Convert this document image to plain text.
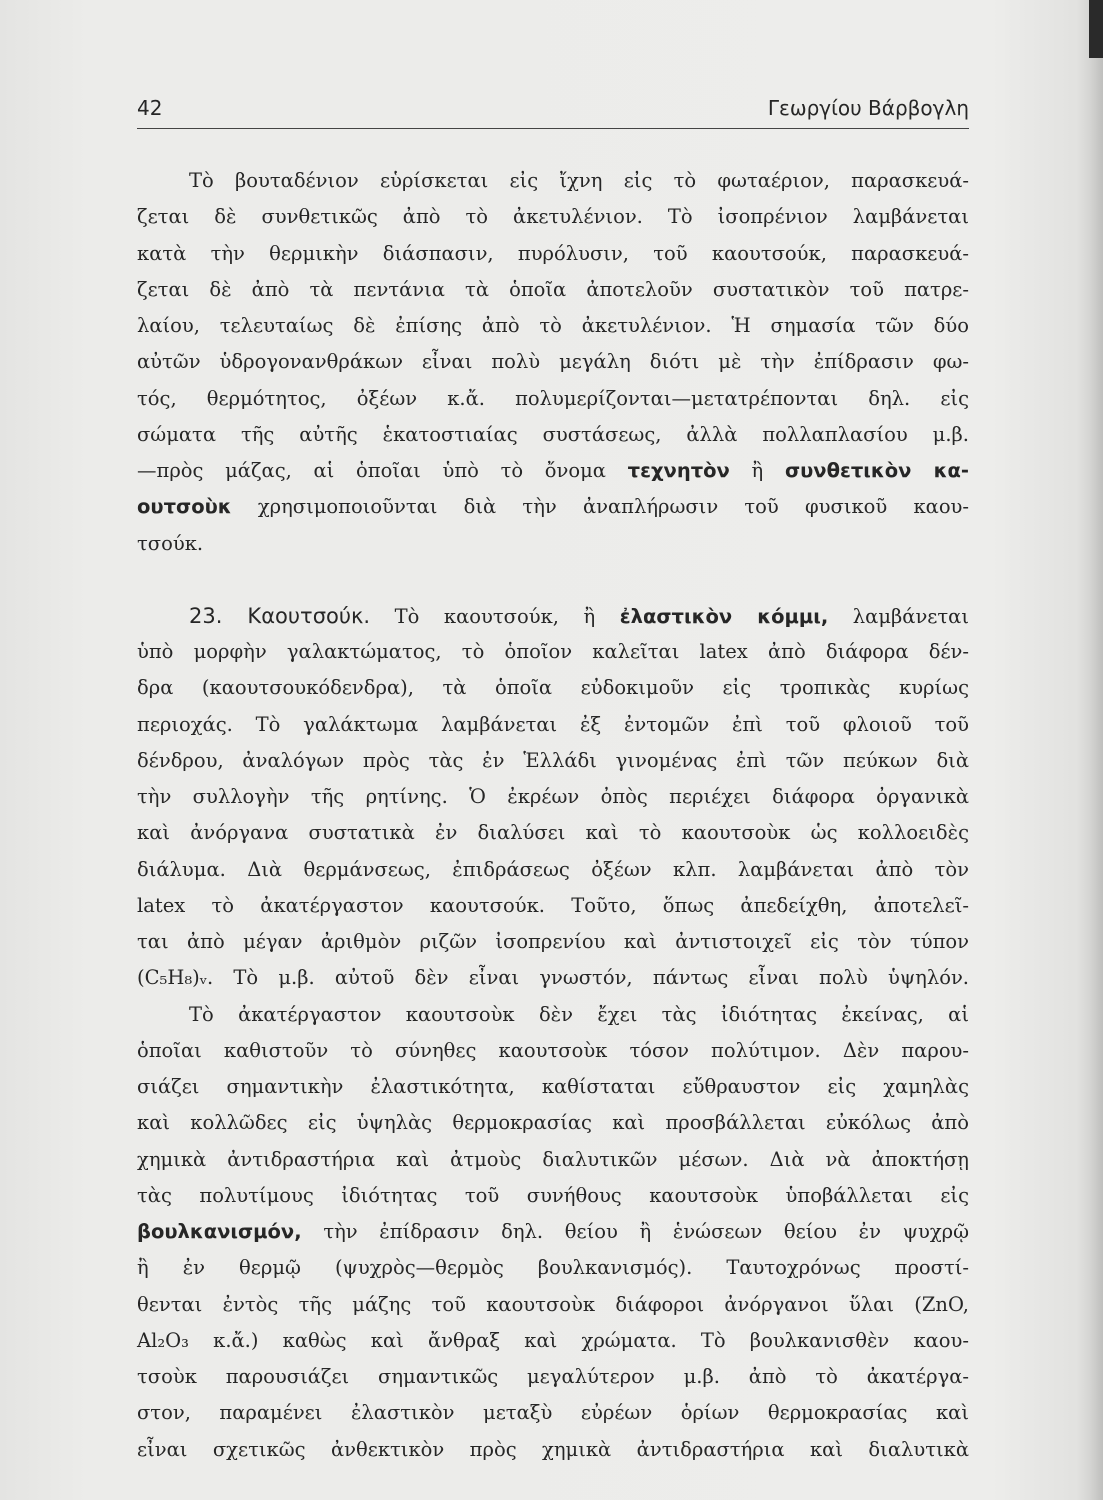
42	Γεωργίου Βάρβογλη
Τὸ βουταδένιον εὑρίσκεται εἰς ἴχνη εἰς τὸ φωταέριον, παρασκευά-
ζεται δὲ συνθετικῶς ἀπὸ τὸ ἀκετυλένιον. Τὸ ἰσοπρένιον λαμβάνεται
κατὰ τὴν θερμικὴν διάσπασιν, πυρόλυσιν, τοῦ καουτσούκ, παρασκευά-
ζεται δὲ ἀπὸ τὰ πεντάνια τὰ ὁποῖα ἀποτελοῦν συστατικὸν τοῦ πατρε-
λαίου, τελευταίως δὲ ἐπίσης ἀπὸ τὸ ἀκετυλένιον. Ἡ σημασία τῶν δύο
αὐτῶν ὑδρογονανθράκων εἶναι πολὺ μεγάλη διότι μὲ τὴν ἐπίδρασιν φω-
τός, θερμότητος, ὀξέων κ.ἄ. πολυμερίζονται—μετατρέπονται δηλ. εἰς
σώματα τῆς αὐτῆς ἑκατοστιαίας συστάσεως, ἀλλὰ πολλαπλασίου μ.β.
—πρὸς μάζας, αἱ ὁποῖαι ὑπὸ τὸ ὄνομα τεχνητὸν ἢ συνθετικὸν κα-
ουτσοὺκ χρησιμοποιοῦνται διὰ τὴν ἀναπλήρωσιν τοῦ φυσικοῦ καου-
τσούκ.
23. Καουτσούκ. Τὸ καουτσούκ, ἢ ἐλαστικὸν κόμμι, λαμβάνεται
ὑπὸ μορφὴν γαλακτώματος, τὸ ὁποῖον καλεῖται latex ἀπὸ διάφορα δέν-
δρα (καουτσουκόδενδρα), τὰ ὁποῖα εὐδοκιμοῦν εἰς τροπικὰς κυρίως
περιοχάς. Τὸ γαλάκτωμα λαμβάνεται ἐξ ἐντομῶν ἐπὶ τοῦ φλοιοῦ τοῦ
δένδρου, ἀναλόγων πρὸς τὰς ἐν Ἑλλάδι γινομένας ἐπὶ τῶν πεύκων διὰ
τὴν συλλογὴν τῆς ρητίνης. Ὁ ἐκρέων ὀπὸς περιέχει διάφορα ὀργανικὰ
καὶ ἀνόργανα συστατικὰ ἐν διαλύσει καὶ τὸ καουτσοὺκ ὡς κολλοειδὲς
διάλυμα. Διὰ θερμάνσεως, ἐπιδράσεως ὀξέων κλπ. λαμβάνεται ἀπὸ τὸν
latex τὸ ἀκατέργαστον καουτσούκ. Τοῦτο, ὅπως ἀπεδείχθη, ἀποτελεῖ-
ται ἀπὸ μέγαν ἀριθμὸν ριζῶν ἰσοπρενίου καὶ ἀντιστοιχεῖ εἰς τὸν τύπον
(C₅H₈)ᵥ. Τὸ μ.β. αὐτοῦ δὲν εἶναι γνωστόν, πάντως εἶναι πολὺ ὑψηλόν.
Τὸ ἀκατέργαστον καουτσοὺκ δὲν ἔχει τὰς ἰδιότητας ἐκείνας, αἱ
ὁποῖαι καθιστοῦν τὸ σύνηθες καουτσοὺκ τόσον πολύτιμον. Δὲν παρου-
σιάζει σημαντικὴν ἐλαστικότητα, καθίσταται εὔθραυστον εἰς χαμηλὰς
καὶ κολλῶδες εἰς ὑψηλὰς θερμοκρασίας καὶ προσβάλλεται εὐκόλως ἀπὸ
χημικὰ ἀντιδραστήρια καὶ ἀτμοὺς διαλυτικῶν μέσων. Διὰ νὰ ἀποκτήσῃ
τὰς πολυτίμους ἰδιότητας τοῦ συνήθους καουτσοὺκ ὑποβάλλεται εἰς
βουλκανισμόν, τὴν ἐπίδρασιν δηλ. θείου ἢ ἑνώσεων θείου ἐν ψυχρῷ
ἢ ἐν θερμῷ (ψυχρὸς—θερμὸς βουλκανισμός). Ταυτοχρόνως προστί-
θενται ἐντὸς τῆς μάζης τοῦ καουτσοὺκ διάφοροι ἀνόργανοι ὕλαι (ZnO,
Al₂O₃ κ.ἄ.) καθὼς καὶ ἄνθραξ καὶ χρώματα. Τὸ βουλκανισθὲν καου-
τσοὺκ παρουσιάζει σημαντικῶς μεγαλύτερον μ.β. ἀπὸ τὸ ἀκατέργα-
στον, παραμένει ἐλαστικὸν μεταξὺ εὐρέων ὁρίων θερμοκρασίας καὶ
εἶναι σχετικῶς ἀνθεκτικὸν πρὸς χημικὰ ἀντιδραστήρια καὶ διαλυτικὰ
